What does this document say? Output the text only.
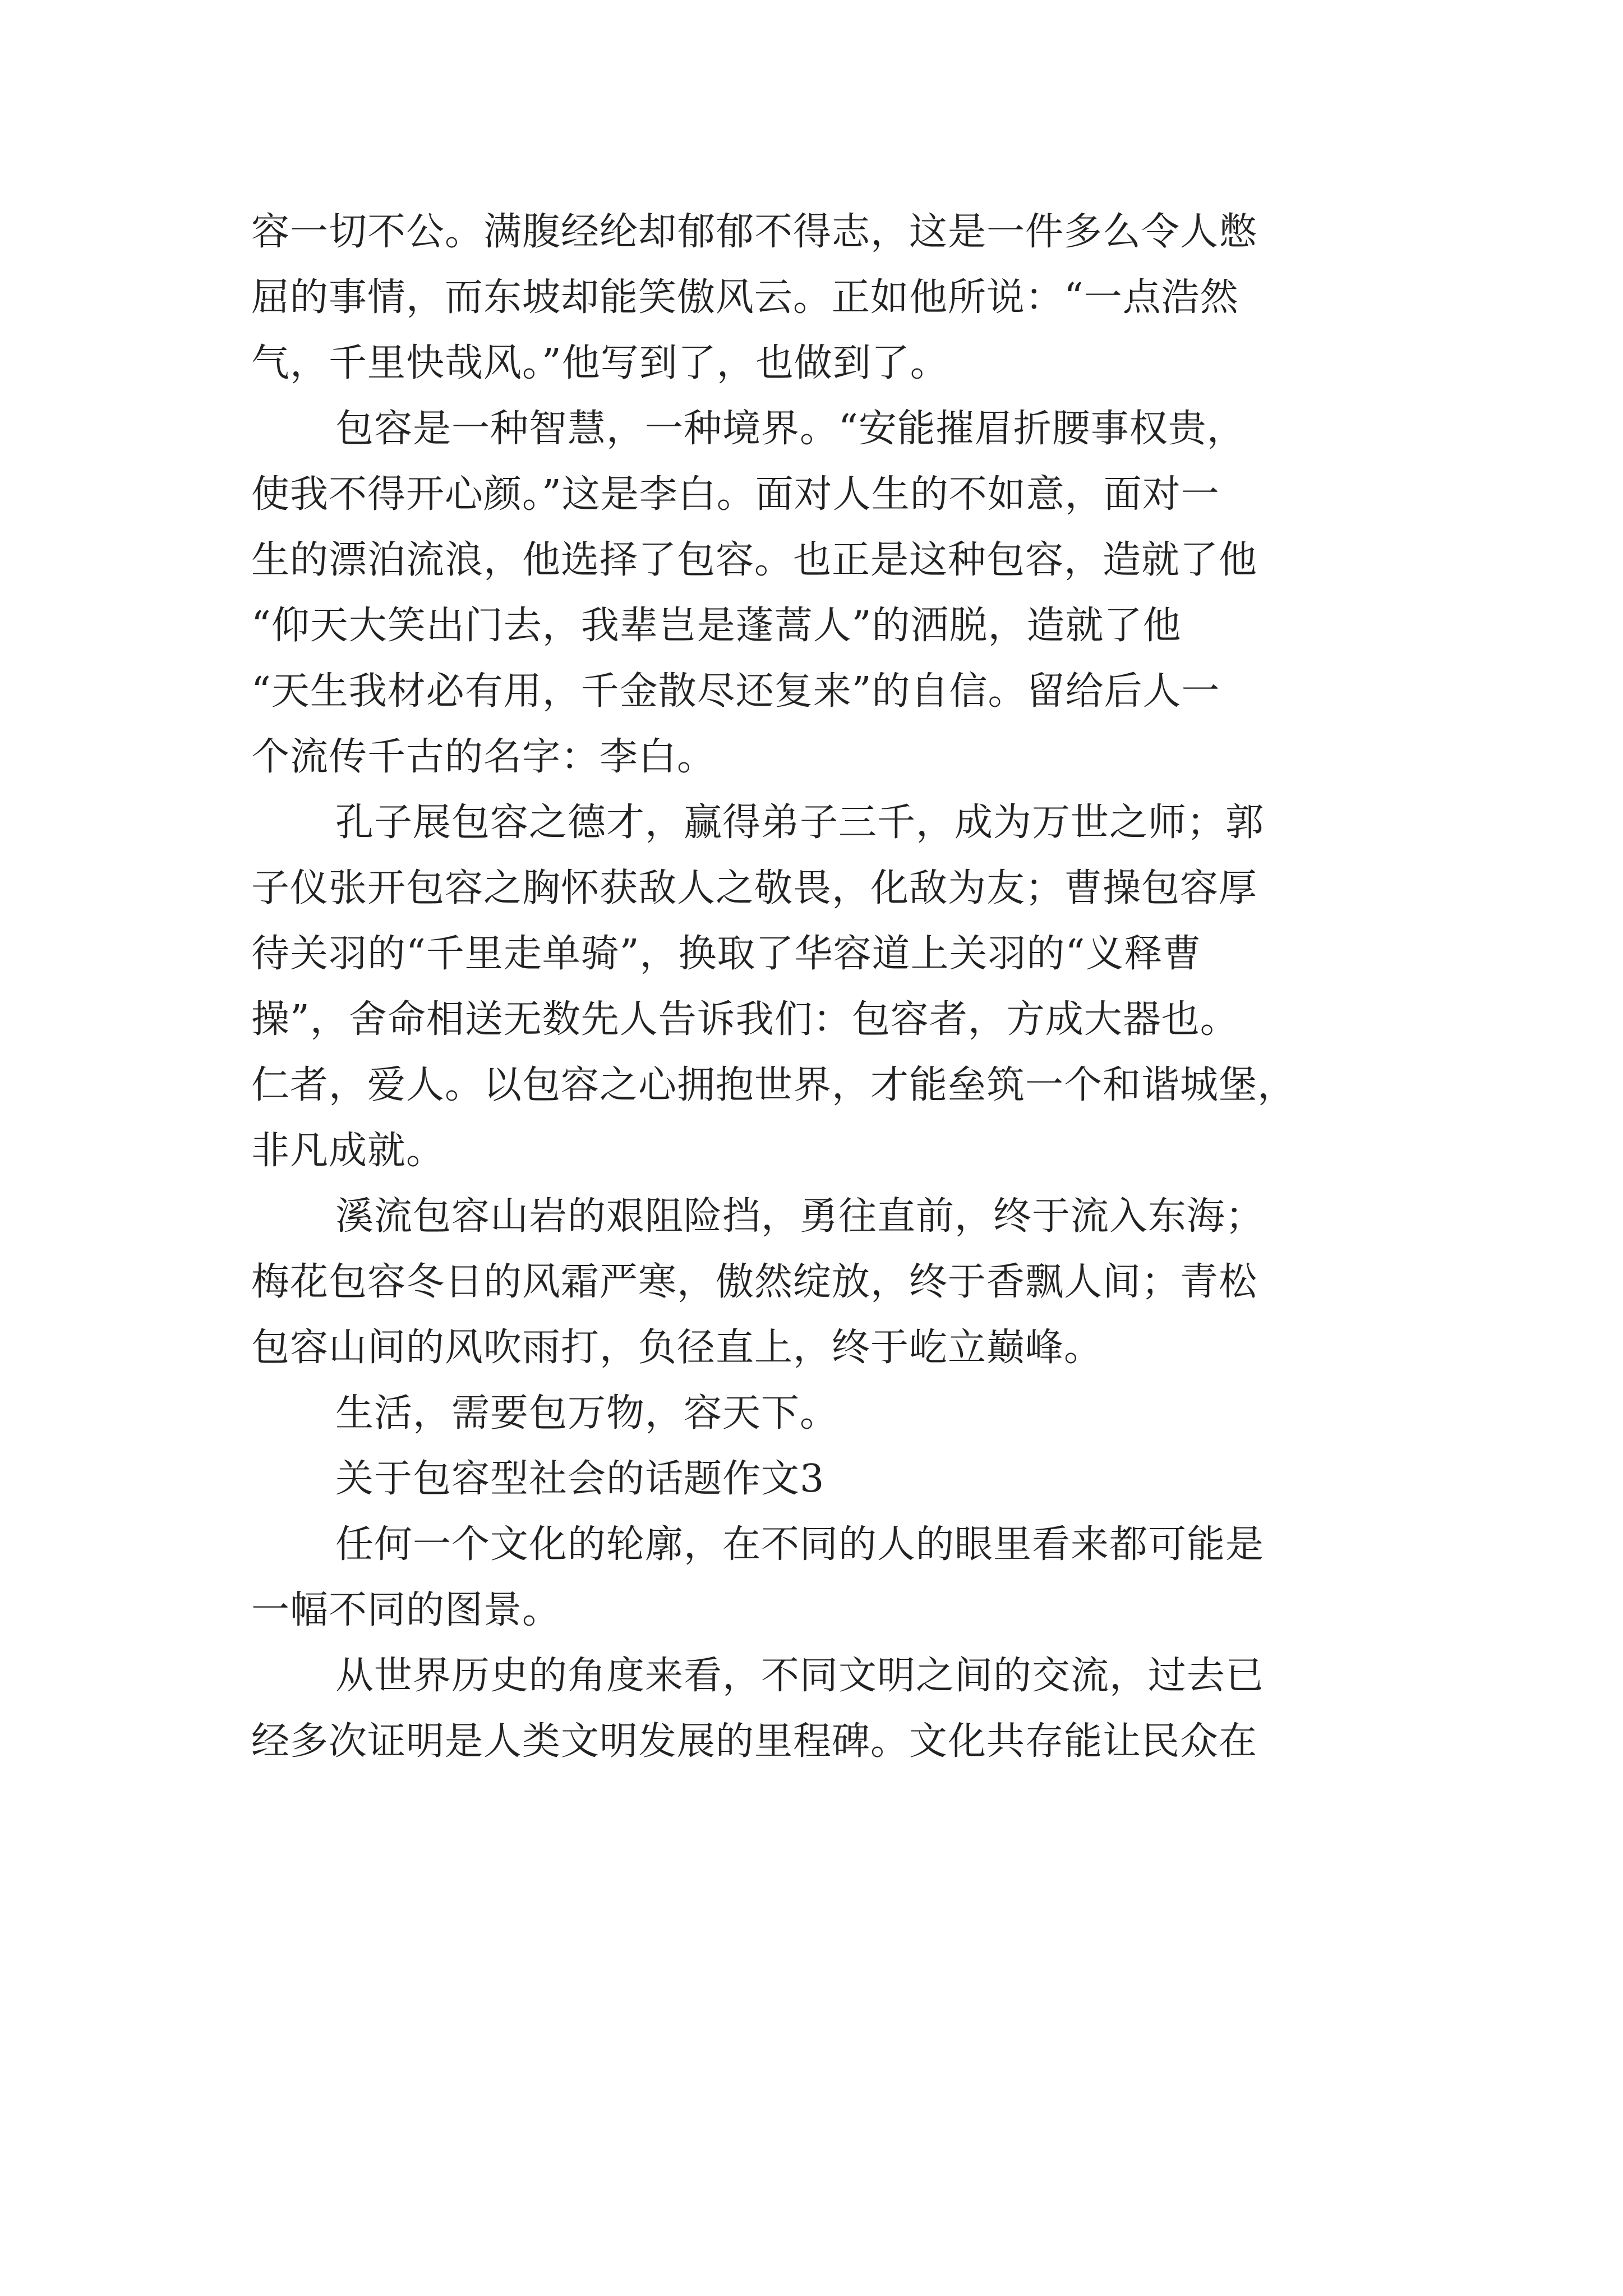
容一切不公。满腹经纶却郁郁不得志，这是一件多么令人憋
屈的事情，而东坡却能笑傲风云。正如他所说：“一点浩然
气，千里快哉风。”他写到了，也做到了。
包容是一种智慧，一种境界。“安能摧眉折腰事权贵，
使我不得开心颜。”这是李白。面对人生的不如意，面对一
生的漂泊流浪，他选择了包容。也正是这种包容，造就了他
“仰天大笑出门去，我辈岂是蓬蒿人”的洒脱，造就了他
“天生我材必有用，千金散尽还复来”的自信。留给后人一
个流传千古的名字：李白。
孔子展包容之德才，赢得弟子三千，成为万世之师；郭
子仪张开包容之胸怀获敌人之敬畏，化敌为友；曹操包容厚
待关羽的“千里走单骑”，换取了华容道上关羽的“义释曹
操”，舍命相送无数先人告诉我们：包容者，方成大器也。
仁者，爱人。以包容之心拥抱世界，才能垒筑一个和谐城堡，
非凡成就。
溪流包容山岩的艰阻险挡，勇往直前，终于流入东海；
梅花包容冬日的风霜严寒，傲然绽放，终于香飘人间；青松
包容山间的风吹雨打，负径直上，终于屹立巅峰。
生活，需要包万物，容天下。
关于包容型社会的话题作文3
任何一个文化的轮廓，在不同的人的眼里看来都可能是
一幅不同的图景。
从世界历史的角度来看，不同文明之间的交流，过去已
经多次证明是人类文明发展的里程碑。文化共存能让民众在
